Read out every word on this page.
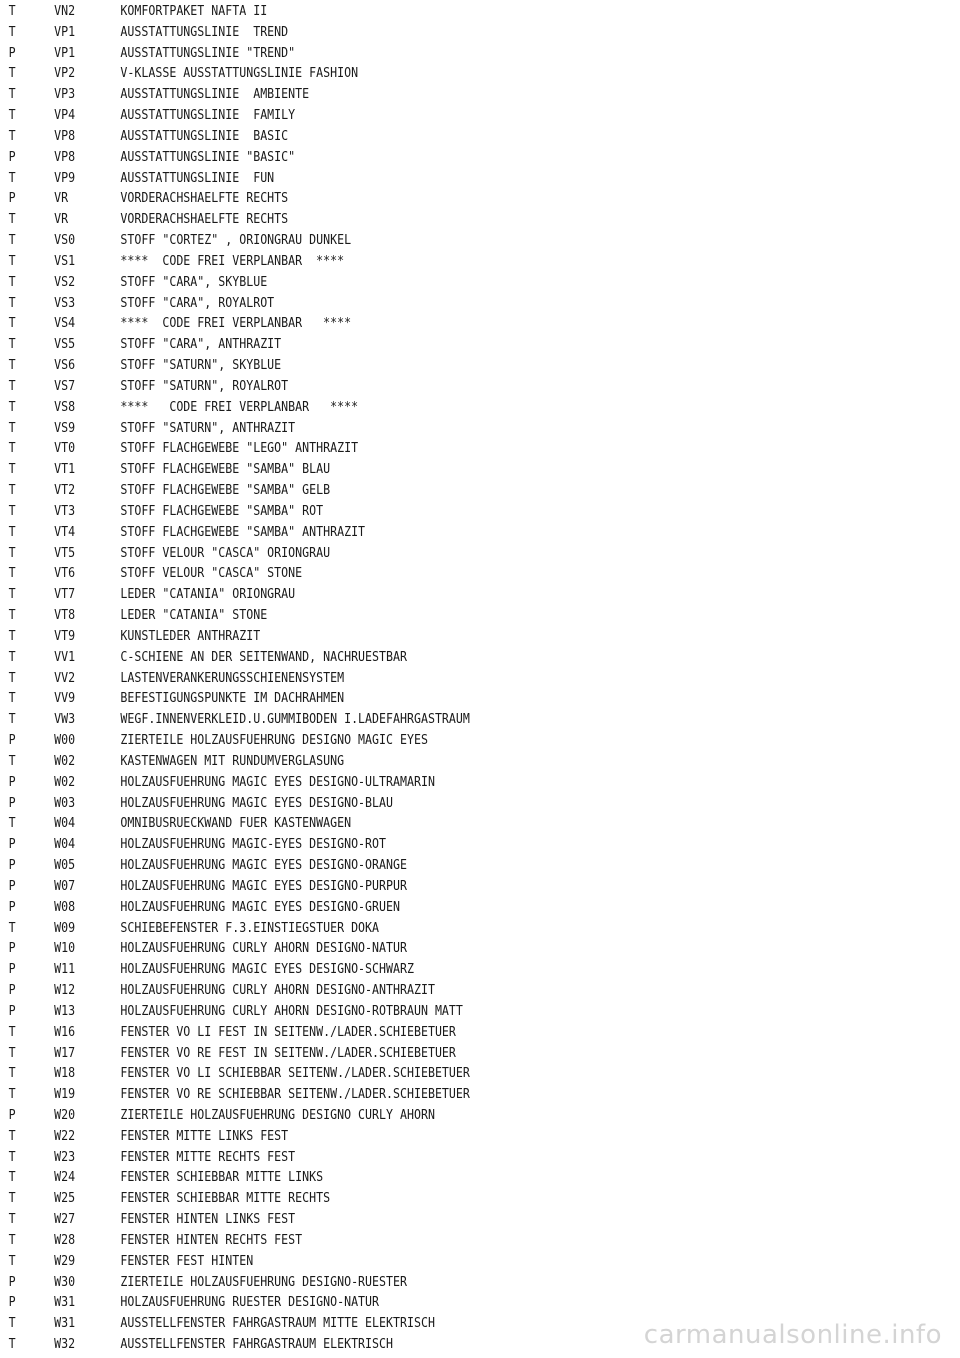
T	VN2	KOMFORTPAKET NAFTA II
T	VP1	AUSSTATTUNGSLINIE  TREND
P	VP1	AUSSTATTUNGSLINIE "TREND"
T	VP2	V-KLASSE AUSSTATTUNGSLINIE FASHION
T	VP3	AUSSTATTUNGSLINIE  AMBIENTE
T	VP4	AUSSTATTUNGSLINIE  FAMILY
T	VP8	AUSSTATTUNGSLINIE  BASIC
P	VP8	AUSSTATTUNGSLINIE "BASIC"
T	VP9	AUSSTATTUNGSLINIE  FUN
P	VR	VORDERACHSHAELFTE RECHTS
T	VR	VORDERACHSHAELFTE RECHTS
T	VS0	STOFF "CORTEZ" , ORIONGRAU DUNKEL
T	VS1	****  CODE FREI VERPLANBAR  ****
T	VS2	STOFF "CARA", SKYBLUE
T	VS3	STOFF "CARA", ROYALROT
T	VS4	****  CODE FREI VERPLANBAR   ****
T	VS5	STOFF "CARA", ANTHRAZIT
T	VS6	STOFF "SATURN", SKYBLUE
T	VS7	STOFF "SATURN", ROYALROT
T	VS8	****   CODE FREI VERPLANBAR   ****
T	VS9	STOFF "SATURN", ANTHRAZIT
T	VT0	STOFF FLACHGEWEBE "LEGO" ANTHRAZIT
T	VT1	STOFF FLACHGEWEBE "SAMBA" BLAU
T	VT2	STOFF FLACHGEWEBE "SAMBA" GELB
T	VT3	STOFF FLACHGEWEBE "SAMBA" ROT
T	VT4	STOFF FLACHGEWEBE "SAMBA" ANTHRAZIT
T	VT5	STOFF VELOUR "CASCA" ORIONGRAU
T	VT6	STOFF VELOUR "CASCA" STONE
T	VT7	LEDER "CATANIA" ORIONGRAU
T	VT8	LEDER "CATANIA" STONE
T	VT9	KUNSTLEDER ANTHRAZIT
T	VV1	C-SCHIENE AN DER SEITENWAND, NACHRUESTBAR
T	VV2	LASTENVERANKERUNGSSCHIENENSYSTEM
T	VV9	BEFESTIGUNGSPUNKTE IM DACHRAHMEN
T	VW3	WEGF.INNENVERKLEID.U.GUMMIBODEN I.LADEFAHRGASTRAUM
P	W00	ZIERTEILE HOLZAUSFUEHRUNG DESIGNO MAGIC EYES
T	W02	KASTENWAGEN MIT RUNDUMVERGLASUNG
P	W02	HOLZAUSFUEHRUNG MAGIC EYES DESIGNO-ULTRAMARIN
P	W03	HOLZAUSFUEHRUNG MAGIC EYES DESIGNO-BLAU
T	W04	OMNIBUSRUECKWAND FUER KASTENWAGEN
P	W04	HOLZAUSFUEHRUNG MAGIC-EYES DESIGNO-ROT
P	W05	HOLZAUSFUEHRUNG MAGIC EYES DESIGNO-ORANGE
P	W07	HOLZAUSFUEHRUNG MAGIC EYES DESIGNO-PURPUR
P	W08	HOLZAUSFUEHRUNG MAGIC EYES DESIGNO-GRUEN
T	W09	SCHIEBEFENSTER F.3.EINSTIEGSTUER DOKA
P	W10	HOLZAUSFUEHRUNG CURLY AHORN DESIGNO-NATUR
P	W11	HOLZAUSFUEHRUNG MAGIC EYES DESIGNO-SCHWARZ
P	W12	HOLZAUSFUEHRUNG CURLY AHORN DESIGNO-ANTHRAZIT
P	W13	HOLZAUSFUEHRUNG CURLY AHORN DESIGNO-ROTBRAUN MATT
T	W16	FENSTER VO LI FEST IN SEITENW./LADER.SCHIEBETUER
T	W17	FENSTER VO RE FEST IN SEITENW./LADER.SCHIEBETUER
T	W18	FENSTER VO LI SCHIEBBAR SEITENW./LADER.SCHIEBETUER
T	W19	FENSTER VO RE SCHIEBBAR SEITENW./LADER.SCHIEBETUER
P	W20	ZIERTEILE HOLZAUSFUEHRUNG DESIGNO CURLY AHORN
T	W22	FENSTER MITTE LINKS FEST
T	W23	FENSTER MITTE RECHTS FEST
T	W24	FENSTER SCHIEBBAR MITTE LINKS
T	W25	FENSTER SCHIEBBAR MITTE RECHTS
T	W27	FENSTER HINTEN LINKS FEST
T	W28	FENSTER HINTEN RECHTS FEST
T	W29	FENSTER FEST HINTEN
P	W30	ZIERTEILE HOLZAUSFUEHRUNG DESIGNO-RUESTER
P	W31	HOLZAUSFUEHRUNG RUESTER DESIGNO-NATUR
T	W31	AUSSTELLFENSTER FAHRGASTRAUM MITTE ELEKTRISCH
T	W32	AUSSTELLFENSTER FAHRGASTRAUM ELEKTRISCH	carmanualsonline.info
